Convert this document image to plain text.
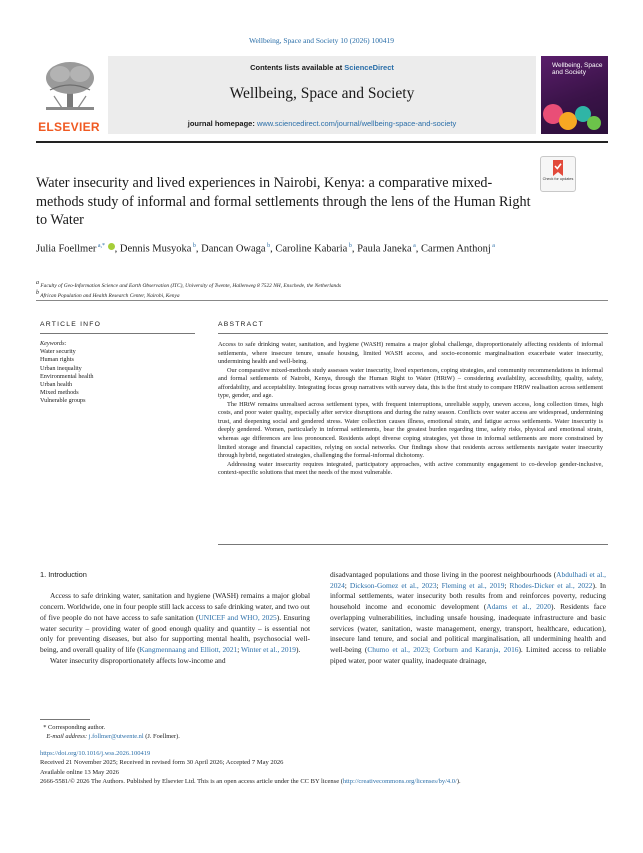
Wellbeing, Space and Society 10 (2026) 100419
ELSEVIER
Contents lists available at ScienceDirect
Wellbeing, Space and Society
journal homepage: www.sciencedirect.com/journal/wellbeing-space-and-society
Wellbeing, Space and Society
Check for updates
Water insecurity and lived experiences in Nairobi, Kenya: a comparative mixed-methods study of informal and formal settlements through the lens of the Human Right to Water
Julia Foellmer $^{a,*}$ , Dennis Musyoka $^b$, Dancan Owaga $^b$, Caroline Kabaria $^b$, Paula Janeka $^a$, Carmen Anthonj $^a$
$^a$ Faculty of Geo-Information Science and Earth Observation (ITC), University of Twente, Hallenweg 8 7522 NH, Enschede, the Netherlands
$^b$ African Population and Health Research Center, Nairobi, Kenya
ARTICLE INFO
Keywords:
Water security
Human rights
Urban inequality
Environmental health
Urban health
Mixed methods
Vulnerable groups
ABSTRACT

Access to safe drinking water, sanitation, and hygiene (WASH) remains a major global challenge, disproportionately affecting residents of informal settlements, where insecure tenure, unsafe housing, limited WASH access, and socio-economic marginalisation exacerbate water insecurity, undermining health and well-being.

Our comparative mixed-methods study assesses water insecurity, lived experiences, coping strategies, and community recommendations in informal and formal settlements of Nairobi, Kenya, through the Human Right to Water (HRtW) – considering availability, accessibility, quality, safety, affordability, and acceptability. Integrating focus group narratives with survey data, this is the first study to compare HRtW realisation across settlement type, gender, and age.

The HRtW remains unrealised across settlement types, with frequent interruptions, unreliable supply, uneven access, long collection times, high costs, and poor water quality, especially after service disruptions and during the rainy season. Conflicts over water access are widespread, undermining trust, and deepening social and gendered stress. Water collection causes illness, emotional strain, and fatigue across settlements. Water insecurity is deeply gendered. Women, particularly in informal settlements, bear the greatest burden regarding time, safety risks, physical and emotional strain, whereas age differences are less pronounced. Residents adopt diverse coping strategies, yet those in informal settlements are more constrained by limited storage and financial capacities, relying on social networks. Our findings show that residents across settlements navigate water insecurity through hybrid, negotiated strategies, challenging the formal-informal dichotomy.

Addressing water insecurity requires integrated, participatory approaches, with active community engagement to co-develop gender-inclusive, context-specific solutions that meet the needs of the most vulnerable.

1. Introduction

Access to safe drinking water, sanitation and hygiene (WASH) remains a major global concern. Worldwide, one in four people still lack access to safe drinking water, and two out of five people do not have access to safe sanitation (UNICEF and WHO, 2025). Ensuring water security – providing water of good enough quality and quantity – is essential not only for preventing diseases, but also for supporting mental health, psychosocial well-being, and overall quality of life (Kangmennaang and Elliott, 2021; Winter et al., 2019).

Water insecurity disproportionately affects low-income and

disadvantaged populations and those living in the poorest neighbourhoods (Abdulhadi et al., 2024; Dickson-Gomez et al., 2023; Fleming et al., 2019; Rhodes-Dicker et al., 2022). In informal settlements, water insecurity both results from and reinforces poverty, reducing household income and economic development (Adams et al., 2020). Residents face overlapping vulnerabilities, including unsafe housing, inadequate infrastructure and basic services (water, sanitation, waste management, energy, transport, healthcare, education), insecure land tenure, and social and political marginalisation, all undermining health and well-being (Chumo et al., 2023; Corburn and Karanja, 2016). Limited access to reliable piped water, poor water quality, inadequate drainage,

* Corresponding author.
E-mail address: j.follmer@utwente.nl (J. Foellmer).
https://doi.org/10.1016/j.wss.2026.100419
Received 21 November 2025; Received in revised form 30 April 2026; Accepted 7 May 2026
Available online 13 May 2026
2666-5581/© 2026 The Authors. Published by Elsevier Ltd. This is an open access article under the CC BY license (http://creativecommons.org/licenses/by/4.0/).
